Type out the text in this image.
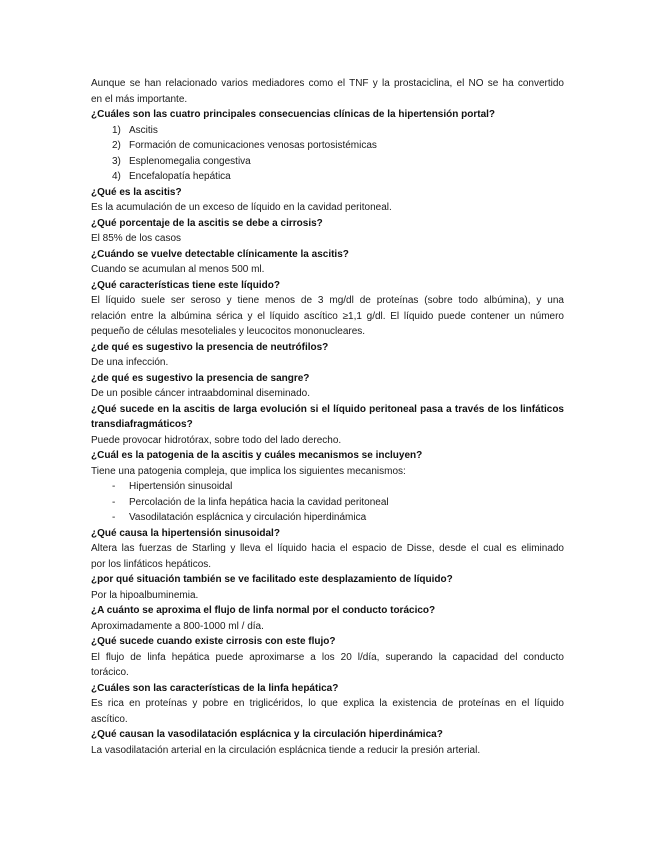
Aunque se han relacionado varios mediadores como el TNF y la prostaciclina, el NO se ha convertido
en el más importante.
¿Cuáles son las cuatro principales consecuencias clínicas de la hipertensión portal?
1) Ascitis
2) Formación de comunicaciones venosas portosistémicas
3) Esplenomegalia congestiva
4) Encefalopatía hepática
¿Qué es la ascitis?
Es la acumulación de un exceso de líquido en la cavidad peritoneal.
¿Qué porcentaje de la ascitis se debe a cirrosis?
El 85% de los casos
¿Cuándo se vuelve detectable clínicamente la ascitis?
Cuando se acumulan al menos 500 ml.
¿Qué características tiene este líquido?
El líquido suele ser seroso y tiene menos de 3 mg/dl de proteínas (sobre todo albúmina), y una
relación entre la albúmina sérica y el líquido ascítico ≥1,1 g/dl. El líquido puede contener un número
pequeño de células mesoteliales y leucocitos mononucleares.
¿de qué es sugestivo la presencia de neutrófilos?
De una infección.
¿de qué es sugestivo la presencia de sangre?
De un posible cáncer intraabdominal diseminado.
¿Qué sucede en la ascitis de larga evolución si el líquido peritoneal pasa a través de los linfáticos
transdiafragmáticos?
Puede provocar hidrotórax, sobre todo del lado derecho.
¿Cuál es la patogenia de la ascitis y cuáles mecanismos se incluyen?
Tiene una patogenia compleja, que implica los siguientes mecanismos:
- Hipertensión sinusoidal
- Percolación de la linfa hepática hacia la cavidad peritoneal
- Vasodilatación esplácnica y circulación hiperdinámica
¿Qué causa la hipertensión sinusoidal?
Altera las fuerzas de Starling y lleva el líquido hacia el espacio de Disse, desde el cual es eliminado
por los linfáticos hepáticos.
¿por qué situación también se ve facilitado este desplazamiento de líquido?
Por la hipoalbuminemia.
¿A cuánto se aproxima el flujo de linfa normal por el conducto torácico?
Aproximadamente a 800-1000 ml / día.
¿Qué sucede cuando existe cirrosis con este flujo?
El flujo de linfa hepática puede aproximarse a los 20 l/día, superando la capacidad del conducto
torácico.
¿Cuáles son las características de la linfa hepática?
Es rica en proteínas y pobre en triglicéridos, lo que explica la existencia de proteínas en el líquido
ascítico.
¿Qué causan la vasodilatación esplácnica y la circulación hiperdinámica?
La vasodilatación arterial en la circulación esplácnica tiende a reducir la presión arterial.
